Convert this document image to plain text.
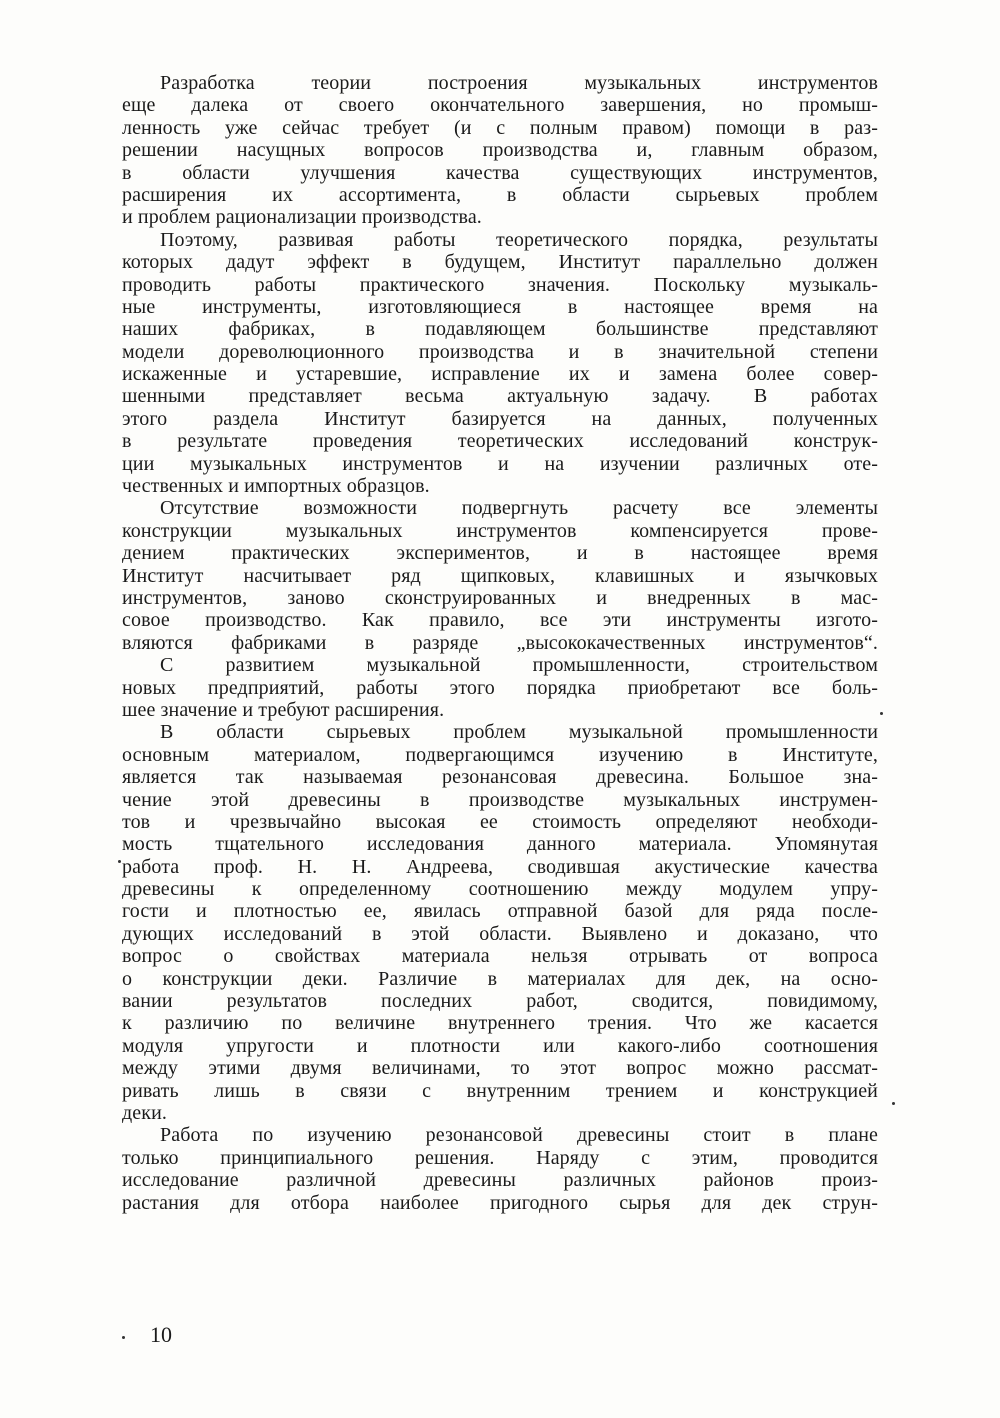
Разработка теории построения музыкальных инструментов
еще далека от своего окончательного завершения, но промыш-
ленность уже сейчас требует (и с полным правом) помощи в раз-
решении насущных вопросов производства и, главным образом,
в области улучшения качества существующих инструментов,
расширения их ассортимента, в области сырьевых проблем
и проблем рационализации производства.
Поэтому, развивая работы теоретического порядка, результаты
которых дадут эффект в будущем, Институт параллельно должен
проводить работы практического значения. Поскольку музыкаль-
ные инструменты, изготовляющиеся в настоящее время на
наших фабриках, в подавляющем большинстве представляют
модели дореволюционного производства и в значительной степени
искаженные и устаревшие, исправление их и замена более совер-
шенными представляет весьма актуальную задачу. В работах
этого раздела Институт базируется на данных, полученных
в результате проведения теоретических исследований конструк-
ции музыкальных инструментов и на изучении различных оте-
чественных и импортных образцов.
Отсутствие возможности подвергнуть расчету все элементы
конструкции музыкальных инструментов компенсируется прове-
дением практических экспериментов, и в настоящее время
Институт насчитывает ряд щипковых, клавишных и язычковых
инструментов, заново сконструированных и внедренных в мас-
совое производство. Как правило, все эти инструменты изгото-
вляются фабриками в разряде „высококачественных инструментов“.
С развитием музыкальной промышленности, строительством
новых предприятий, работы этого порядка приобретают все боль-
шее значение и требуют расширения.
В области сырьевых проблем музыкальной промышленности
основным материалом, подвергающимся изучению в Институте,
является так называемая резонансовая древесина. Большое зна-
чение этой древесины в производстве музыкальных инструмен-
тов и чрезвычайно высокая ее стоимость определяют необходи-
мость тщательного исследования данного материала. Упомянутая
работа проф. Н. Н. Андреева, сводившая акустические качества
древесины к определенному соотношению между модулем упру-
гости и плотностью ее, явилась отправной базой для ряда после-
дующих исследований в этой области. Выявлено и доказано, что
вопрос о свойствах материала нельзя отрывать от вопроса
о конструкции деки. Различие в материалах для дек, на осно-
вании результатов последних работ, сводится, повидимому,
к различию по величине внутреннего трения. Что же касается
модуля упругости и плотности или какого-либо соотношения
между этими двумя величинами, то этот вопрос можно рассмат-
ривать лишь в связи с внутренним трением и конструкцией
деки.
Работа по изучению резонансовой древесины стоит в плане
только принципиального решения. Наряду с этим, проводится
исследование различной древесины различных районов произ-
растания для отбора наиболее пригодного сырья для дек струн-
10
